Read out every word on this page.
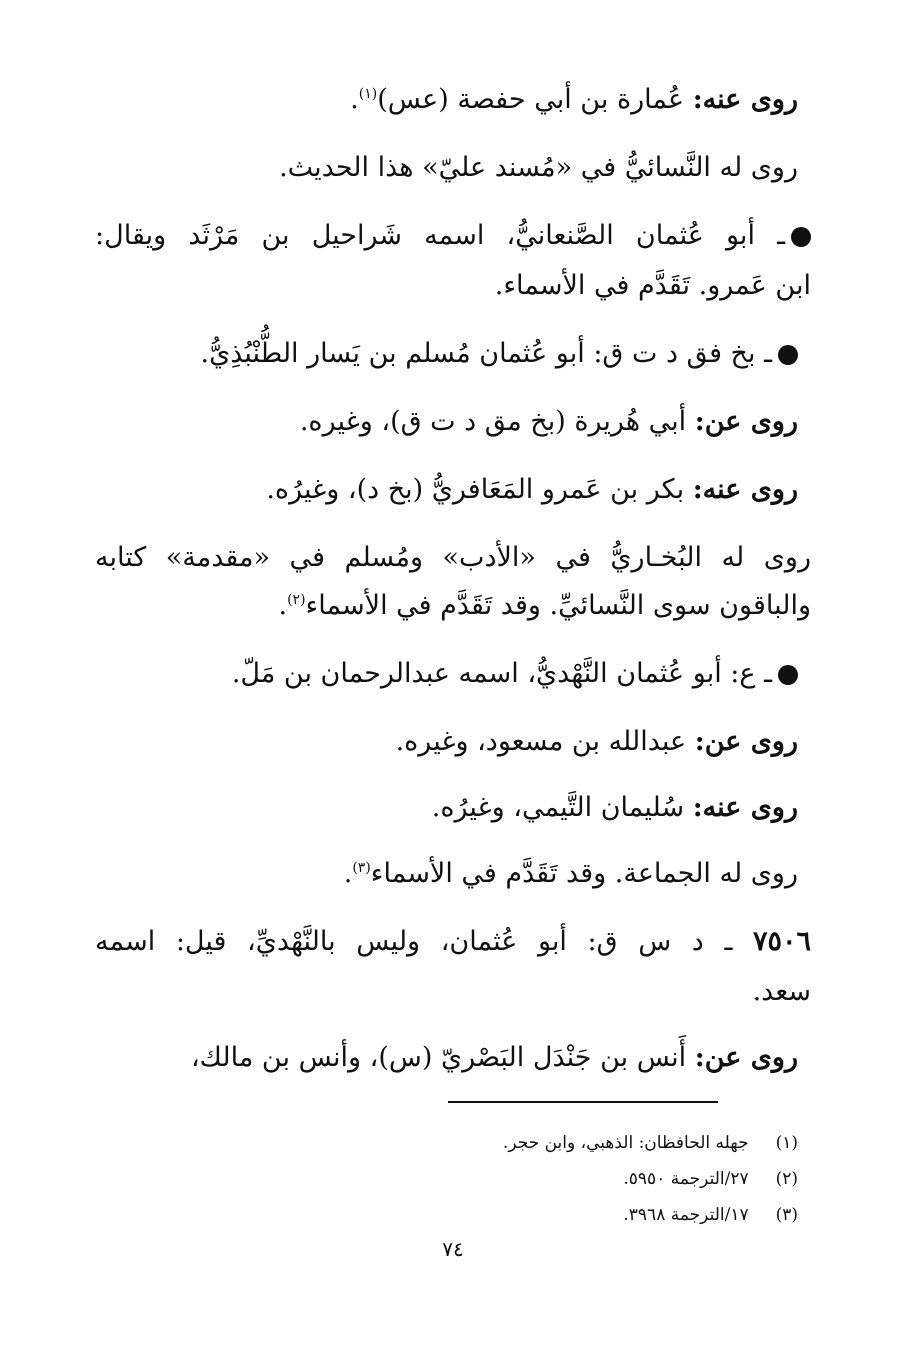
روى عنه: عُمارة بن أبي حفصة (عس)$^{(١)}$.
روى له النَّسائيُّ في «مُسند عليّ» هذا الحديث.
ـ أبو عُثمان الصَّنعانيُّ، اسمه شَراحيل بن مَرْثَد ويقال:
ابن عَمرو. تَقَدَّم في الأسماء.
ـ بخ فق د ت ق: أبو عُثمان مُسلم بن يَسار الطُّنْبُذِيُّ.
روى عن: أبي هُريرة (بخ مق د ت ق)، وغيره.
روى عنه: بكر بن عَمرو المَعَافريُّ (بخ د)، وغيرُه.
روى له البُخـاريُّ في «الأدب» ومُسلم في «مقدمة» كتابه
والباقون سوى النَّسائيِّ. وقد تَقَدَّم في الأسماء$^{(٢)}$.
ـ ع: أبو عُثمان النَّهْديُّ، اسمه عبدالرحمان بن مَلّ.
روى عن: عبدالله بن مسعود، وغيره.
روى عنه: سُليمان التَّيمي، وغيرُه.
روى له الجماعة. وقد تَقَدَّم في الأسماء$^{(٣)}$.
٧٥٠٦ ـ د س ق: أبو عُثمان، وليس بالنَّهْديِّ، قيل: اسمه
سعد.
روى عن: أَنس بن جَنْدَل البَصْريّ (س)، وأنس بن مالك،
(١) جهله الحافظان: الذهبي، وابن حجر.
(٢) ٢٧/الترجمة ٥٩٥٠.
(٣) ١٧/الترجمة ٣٩٦٨.
٧٤
